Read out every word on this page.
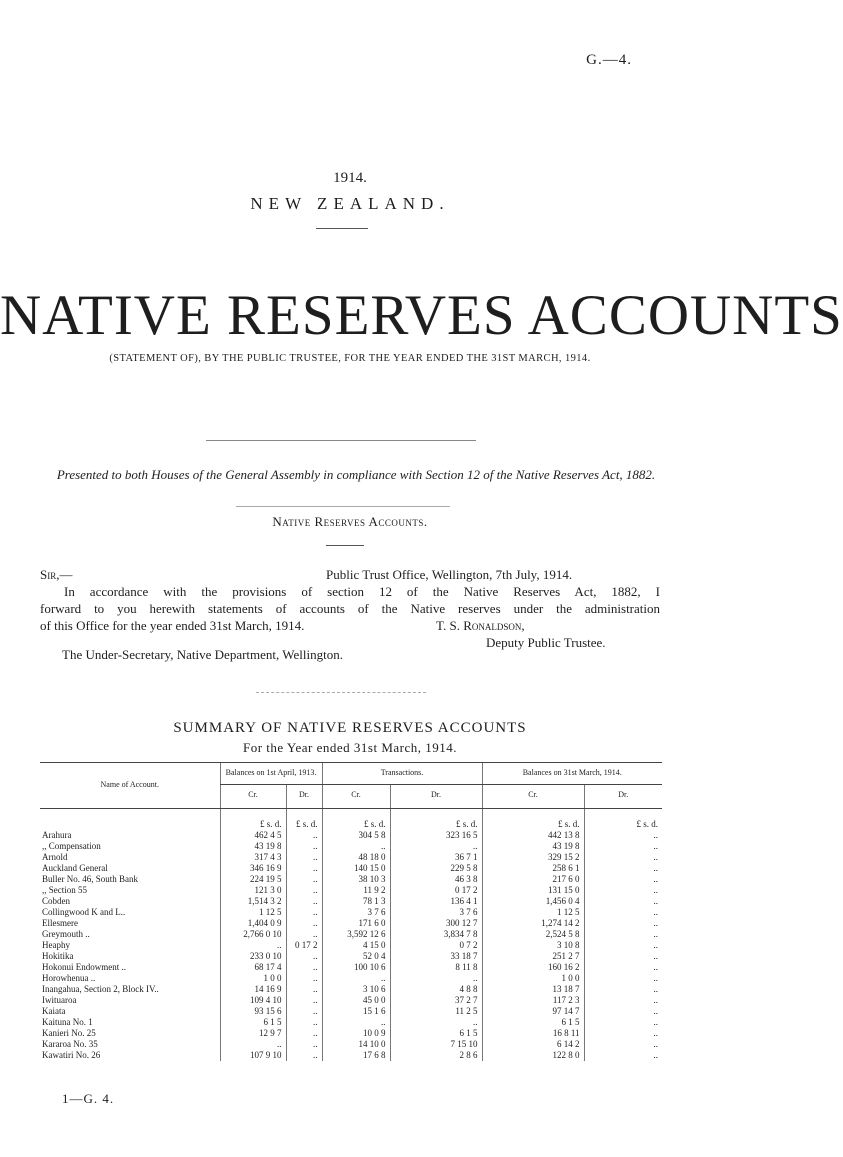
G.—4.
1914.
NEW ZEALAND.
NATIVE RESERVES ACCOUNTS
(STATEMENT OF), BY THE PUBLIC TRUSTEE, FOR THE YEAR ENDED THE 31ST MARCH, 1914.
Presented to both Houses of the General Assembly in compliance with Section 12 of the Native Reserves Act, 1882.
Native Reserves Accounts.
Sir,—	Public Trust Office, Wellington, 7th July, 1914.
In accordance with the provisions of section 12 of the Native Reserves Act, 1882, I
forward to you herewith statements of accounts of the Native reserves under the administration
of this Office for the year ended 31st March, 1914.	T. S. Ronaldson,
Deputy Public Trustee.
The Under-Secretary, Native Department, Wellington.
SUMMARY OF NATIVE RESERVES ACCOUNTS
For the Year ended 31st March, 1914.
Name of Account.	Balances on 1st April, 1913.		Transactions.		Balances on 31st March, 1914.	
	Cr.	Dr.	Cr.	Dr.	Cr.	Dr.
	£ s. d.	£ s. d.	£ s. d.	£ s. d.	£ s. d.	£ s. d.
Arahura	462 4 5	..	304 5 8	323 16 5	442 13 8	..
,, Compensation	43 19 8	..	..	..	43 19 8	..
Arnold	317 4 3	..	48 18 0	36 7 1	329 15 2	..
Auckland General	346 16 9	..	140 15 0	229 5 8	258 6 1	..
Buller No. 46, South Bank	224 19 5	..	38 10 3	46 3 8	217 6 0	..
,, Section 55	121 3 0	..	11 9 2	0 17 2	131 15 0	..
Cobden	1,514 3 2	..	78 1 3	136 4 1	1,456 0 4	..
Collingwood K and L..	1 12 5	..	3 7 6	3 7 6	1 12 5	..
Ellesmere	1,404 0 9	..	171 6 0	300 12 7	1,274 14 2	..
Greymouth ..	2,766 0 10	..	3,592 12 6	3,834 7 8	2,524 5 8	..
Heaphy	..	0 17 2	4 15 0	0 7 2	3 10 8	..
Hokitika	233 0 10	..	52 0 4	33 18 7	251 2 7	..
Hokonui Endowment ..	68 17 4	..	100 10 6	8 11 8	160 16 2	..
Horowhenua ..	1 0 0	..	..	..	1 0 0	..
Inangahua, Section 2, Block IV..	14 16 9	..	3 10 6	4 8 8	13 18 7	..
Iwituaroa	109 4 10	..	45 0 0	37 2 7	117 2 3	..
Kaiata	93 15 6	..	15 1 6	11 2 5	97 14 7	..
Kaituna No. 1	6 1 5	..	..	..	6 1 5	..
Kanieri No. 25	12 9 7	..	10 0 9	6 1 5	16 8 11	..
Kararoa No. 35	..	..	14 10 0	7 15 10	6 14 2	..
Kawatiri No. 26	107 9 10	..	17 6 8	2 8 6	122 8 0	..
1—G. 4.
